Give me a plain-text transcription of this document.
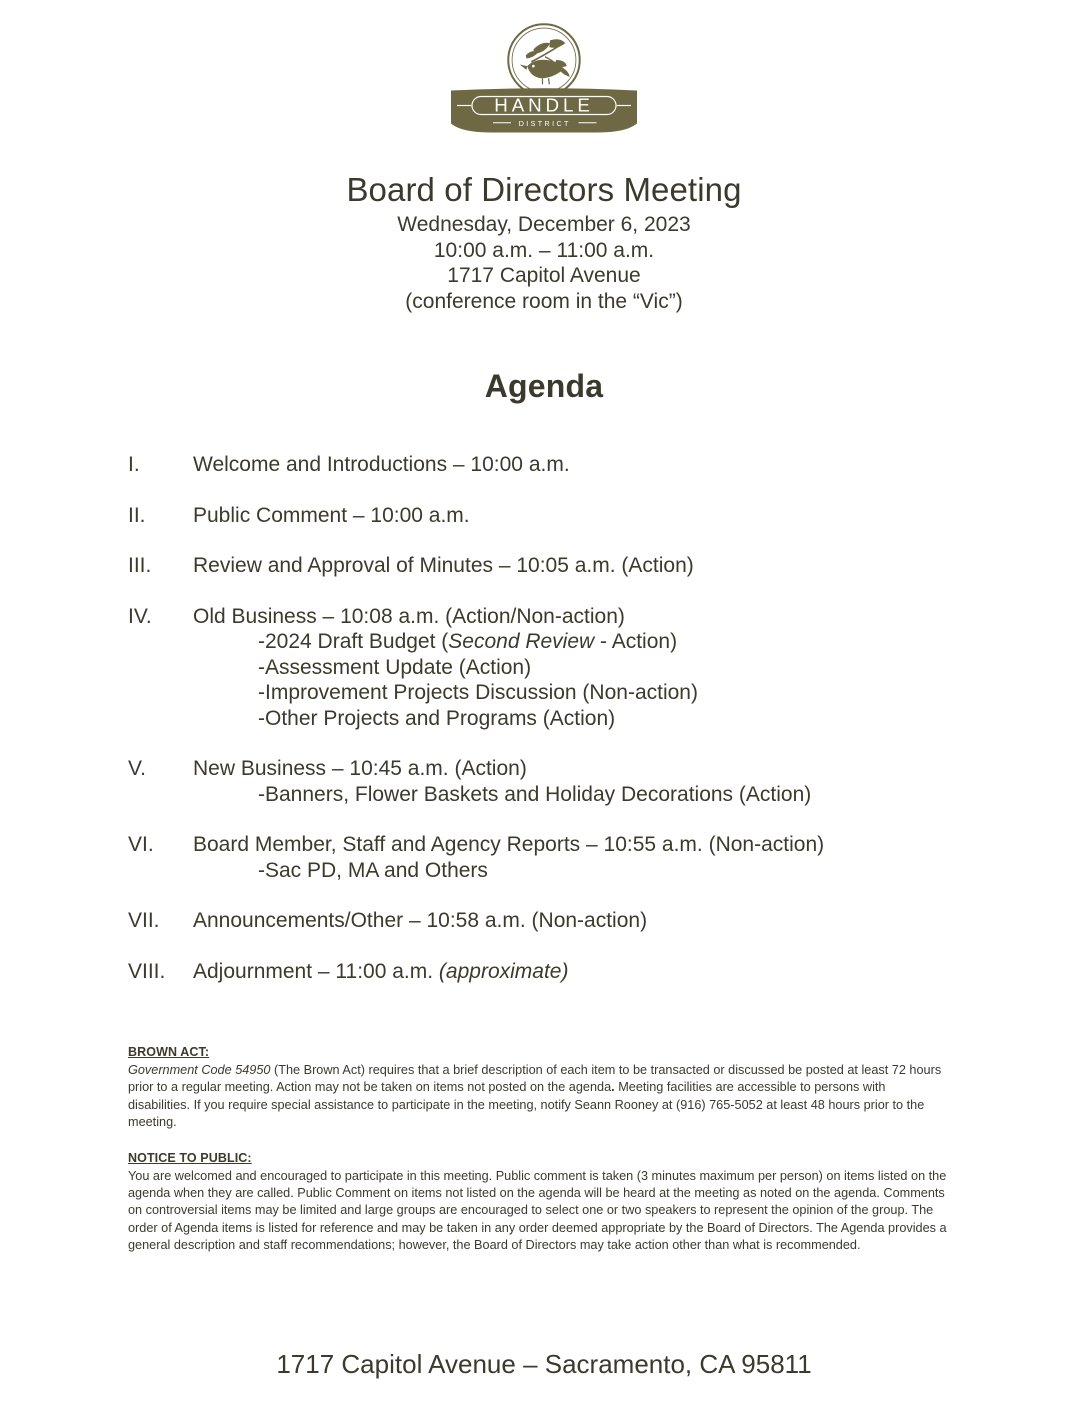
HANDLE
DISTRICT
Board of Directors Meeting
Wednesday, December 6, 2023
10:00 a.m. – 11:00 a.m.
1717 Capitol Avenue
(conference room in the “Vic”)
Agenda
I.	Welcome and Introductions – 10:00 a.m.
II.	Public Comment – 10:00 a.m.
III.	Review and Approval of Minutes – 10:05 a.m. (Action)
IV.	Old Business – 10:08 a.m. (Action/Non-action)
-2024 Draft Budget (Second Review - Action)
-Assessment Update (Action)
-Improvement Projects Discussion (Non-action)
-Other Projects and Programs (Action)
V.	New Business – 10:45 a.m. (Action)
-Banners, Flower Baskets and Holiday Decorations (Action)
VI.	Board Member, Staff and Agency Reports – 10:55 a.m. (Non-action)
-Sac PD, MA and Others
VII.	Announcements/Other – 10:58 a.m. (Non-action)
VIII.	Adjournment – 11:00 a.m. (approximate)
BROWN ACT:

Government Code 54950 (The Brown Act) requires that a brief description of each item to be transacted or discussed be posted at least 72 hours prior to a regular meeting. Action may not be taken on items not posted on the agenda. Meeting facilities are accessible to persons with disabilities. If you require special assistance to participate in the meeting, notify Seann Rooney at (916) 765-5052 at least 48 hours prior to the meeting.

NOTICE TO PUBLIC:

You are welcomed and encouraged to participate in this meeting. Public comment is taken (3 minutes maximum per person) on items listed on the agenda when they are called. Public Comment on items not listed on the agenda will be heard at the meeting as noted on the agenda. Comments on controversial items may be limited and large groups are encouraged to select one or two speakers to represent the opinion of the group. The order of Agenda items is listed for reference and may be taken in any order deemed appropriate by the Board of Directors. The Agenda provides a general description and staff recommendations; however, the Board of Directors may take action other than what is recommended.

1717 Capitol Avenue – Sacramento, CA 95811
